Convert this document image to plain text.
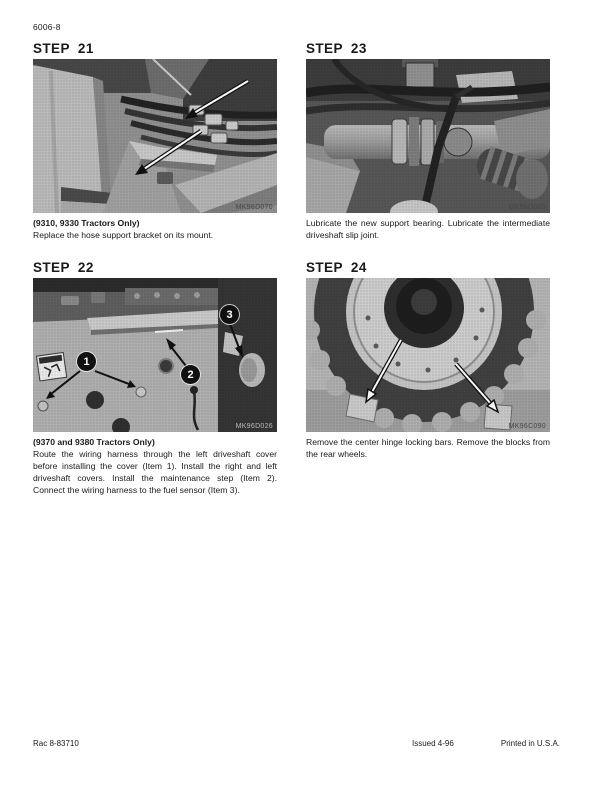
6006-8
STEP  21
MK96D070
(9310, 9330 Tractors Only)
Replace the hose support bracket on its mount.
STEP  23
MK96D069
Lubricate the new support bearing. Lubricate the intermediate driveshaft slip joint.
STEP  22
1
2
3
MK96D026
(9370 and 9380 Tractors Only)
Route the wiring harness through the left driveshaft cover before installing the cover (Item 1). Install the right and left driveshaft covers. Install the maintenance step (Item 2). Connect the wiring harness to the fuel sensor (Item 3).
STEP  24
MK96C090
Remove the center hinge locking bars. Remove the blocks from the rear wheels.
Rac 8-83710	Issued 4-96	Printed in U.S.A.
